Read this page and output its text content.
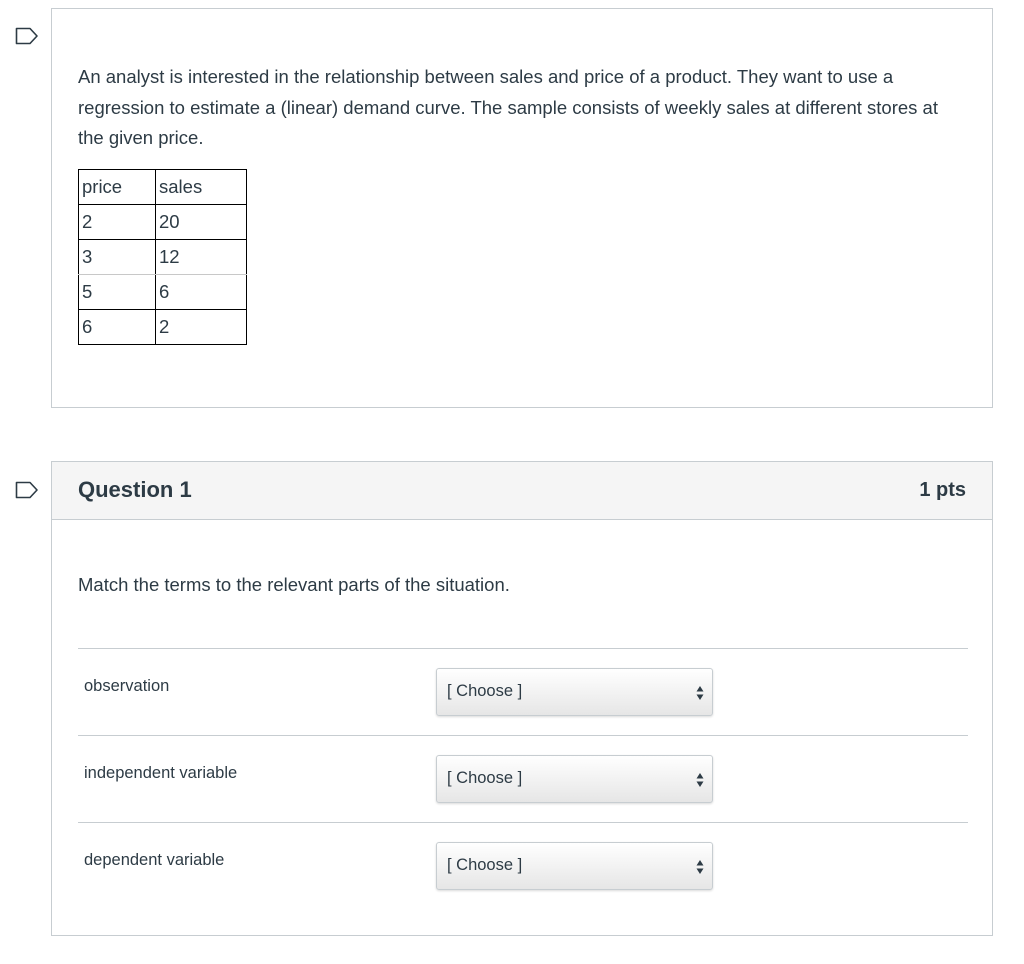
An analyst is interested in the relationship between sales and price of a product. They want to use a regression to estimate a (linear) demand curve. The sample consists of weekly sales at different stores at the given price.

price	sales
2	20
3	12
5	6
6	2
Question 1	1 pts
Match the terms to the relevant parts of the situation.
observation	[ Choose ]
independent variable	[ Choose ]
dependent variable	[ Choose ]
